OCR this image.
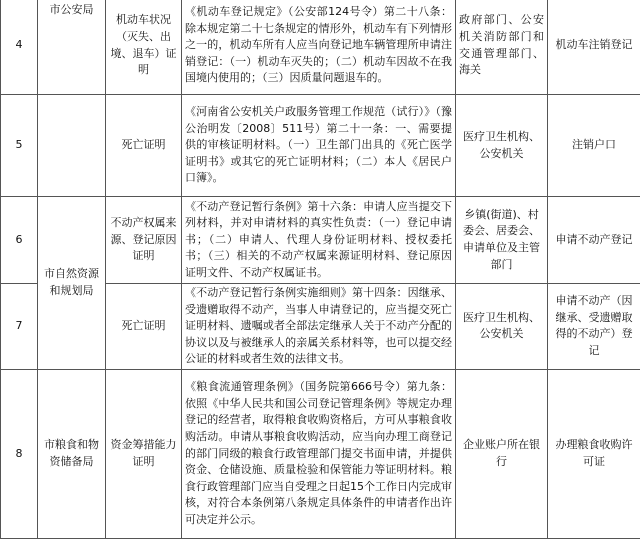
4	市公安局	机动车状况（灭失、出境、退车）证明	《机动车登记规定》（公安部124号令）第二十八条：除本规定第二十七条规定的情形外，机动车有下列情形之一的，机动车所有人应当向登记地车辆管理所申请注销登记：（一）机动车灭失的；（二）机动车因故不在我国境内使用的；（三）因质量问题退车的。	政府部门、公安机关消防部门和交通管理部门、海关	机动车注销登记
5		死亡证明	《河南省公安机关户政服务管理工作规范（试行）》（豫公治明发〔2008〕511号）第二十一条：一、需要提供的审核证明材料。（一）卫生部门出具的《死亡医学证明书》或其它的死亡证明材料；（二）本人《居民户口簿》。	医疗卫生机构、公安机关	注销户口
6	市自然资源和规划局	不动产权属来源、登记原因证明	《不动产登记暂行条例》第十六条：申请人应当提交下列材料，并对申请材料的真实性负责：（一）登记申请书；（二）申请人、代理人身份证明材料、授权委托书；（三）相关的不动产权属来源证明材料、登记原因证明文件、不动产权属证书。	乡镇(街道)、村委会、居委会、申请单位及主管部门	申请不动产登记
7		死亡证明	《不动产登记暂行条例实施细则》第十四条：因继承、受遗赠取得不动产，当事人申请登记的，应当提交死亡证明材料、遗嘱或者全部法定继承人关于不动产分配的协议以及与被继承人的亲属关系材料等，也可以提交经公证的材料或者生效的法律文书。	医疗卫生机构、公安机关	申请不动产（因继承、受遗赠取得的不动产）登记
8	市粮食和物资储备局	资金筹措能力证明	《粮食流通管理条例》（国务院第666号令）第九条：依照《中华人民共和国公司登记管理条例》等规定办理登记的经营者，取得粮食收购资格后，方可从事粮食收购活动。申请从事粮食收购活动，应当向办理工商登记的部门同级的粮食行政管理部门提交书面申请，并提供资金、仓储设施、质量检验和保管能力等证明材料。粮食行政管理部门应当自受理之日起15个工作日内完成审核，对符合本条例第八条规定具体条件的申请者作出许可决定并公示。	企业账户所在银行	办理粮食收购许可证
